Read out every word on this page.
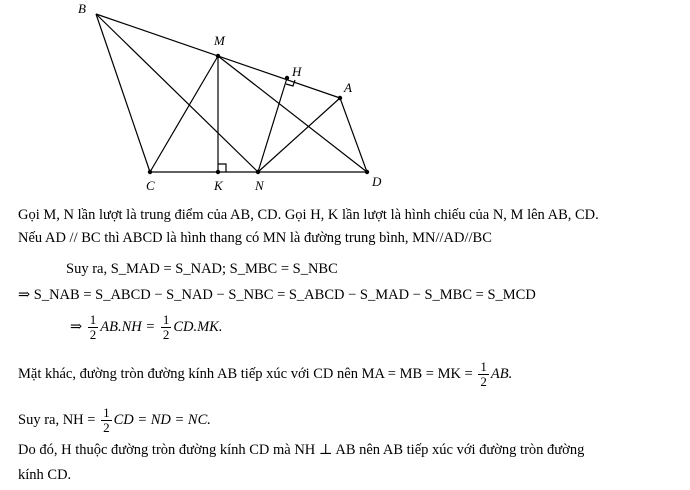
B
M
H
A
C	K N	D
Gọi M, N lần lượt là trung điểm của AB, CD. Gọi H, K lần lượt là hình chiếu của N, M lên AB, CD.
Nếu AD // BC thì ABCD là hình thang có MN là đường trung bình, MN//AD//BC
Suy ra, S_MAD = S_NAD; S_MBC = S_NBC
⇒ S_NAB = S_ABCD − S_NAD − S_NBC = S_ABCD − S_MAD − S_MBC = S_MCD
⇒ $\frac{1}{2} AB.NH = \frac{1}{2} CD.MK$.
Mặt khác, đường tròn đường kính AB tiếp xúc với CD nên MA = MB = MK = $\frac{1}{2}$ AB.
Suy ra, NH = $\frac{1}{2}$ CD = ND = NC.
Do đó, H thuộc đường tròn đường kính CD mà NH ⊥ AB nên AB tiếp xúc với đường tròn đường
kính CD.
